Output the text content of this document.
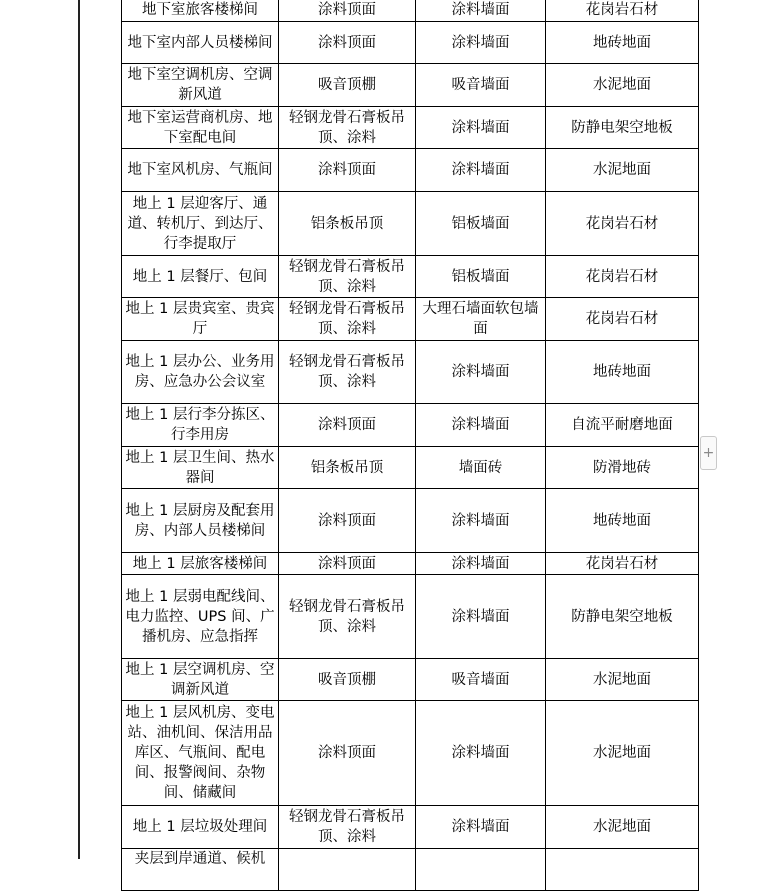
地下室旅客楼梯间	涂料顶面	涂料墙面	花岗岩石材
地下室内部人员楼梯间	涂料顶面	涂料墙面	地砖地面
地下室空调机房、空调新风道	吸音顶棚	吸音墙面	水泥地面
地下室运营商机房、地下室配电间	轻钢龙骨石膏板吊顶、涂料	涂料墙面	防静电架空地板
地下室风机房、气瓶间	涂料顶面	涂料墙面	水泥地面
地上 1 层迎客厅、通道、转机厅、到达厅、行李提取厅	铝条板吊顶	铝板墙面	花岗岩石材
地上 1 层餐厅、包间	轻钢龙骨石膏板吊顶、涂料	铝板墙面	花岗岩石材
地上 1 层贵宾室、贵宾厅	轻钢龙骨石膏板吊顶、涂料	大理石墙面软包墙面	花岗岩石材
地上 1 层办公、业务用房、应急办公会议室	轻钢龙骨石膏板吊顶、涂料	涂料墙面	地砖地面
地上 1 层行李分拣区、行李用房	涂料顶面	涂料墙面	自流平耐磨地面
地上 1 层卫生间、热水器间	铝条板吊顶	墙面砖	防滑地砖
地上 1 层厨房及配套用房、内部人员楼梯间	涂料顶面	涂料墙面	地砖地面
地上 1 层旅客楼梯间	涂料顶面	涂料墙面	花岗岩石材
地上 1 层弱电配线间、电力监控、UPS 间、广播机房、应急指挥	轻钢龙骨石膏板吊顶、涂料	涂料墙面	防静电架空地板
地上 1 层空调机房、空调新风道	吸音顶棚	吸音墙面	水泥地面
地上 1 层风机房、变电站、油机间、保洁用品库区、气瓶间、配电间、报警阀间、杂物间、储藏间	涂料顶面	涂料墙面	水泥地面
地上 1 层垃圾处理间	轻钢龙骨石膏板吊顶、涂料	涂料墙面	水泥地面
夹层到岸通道、候机			
+
